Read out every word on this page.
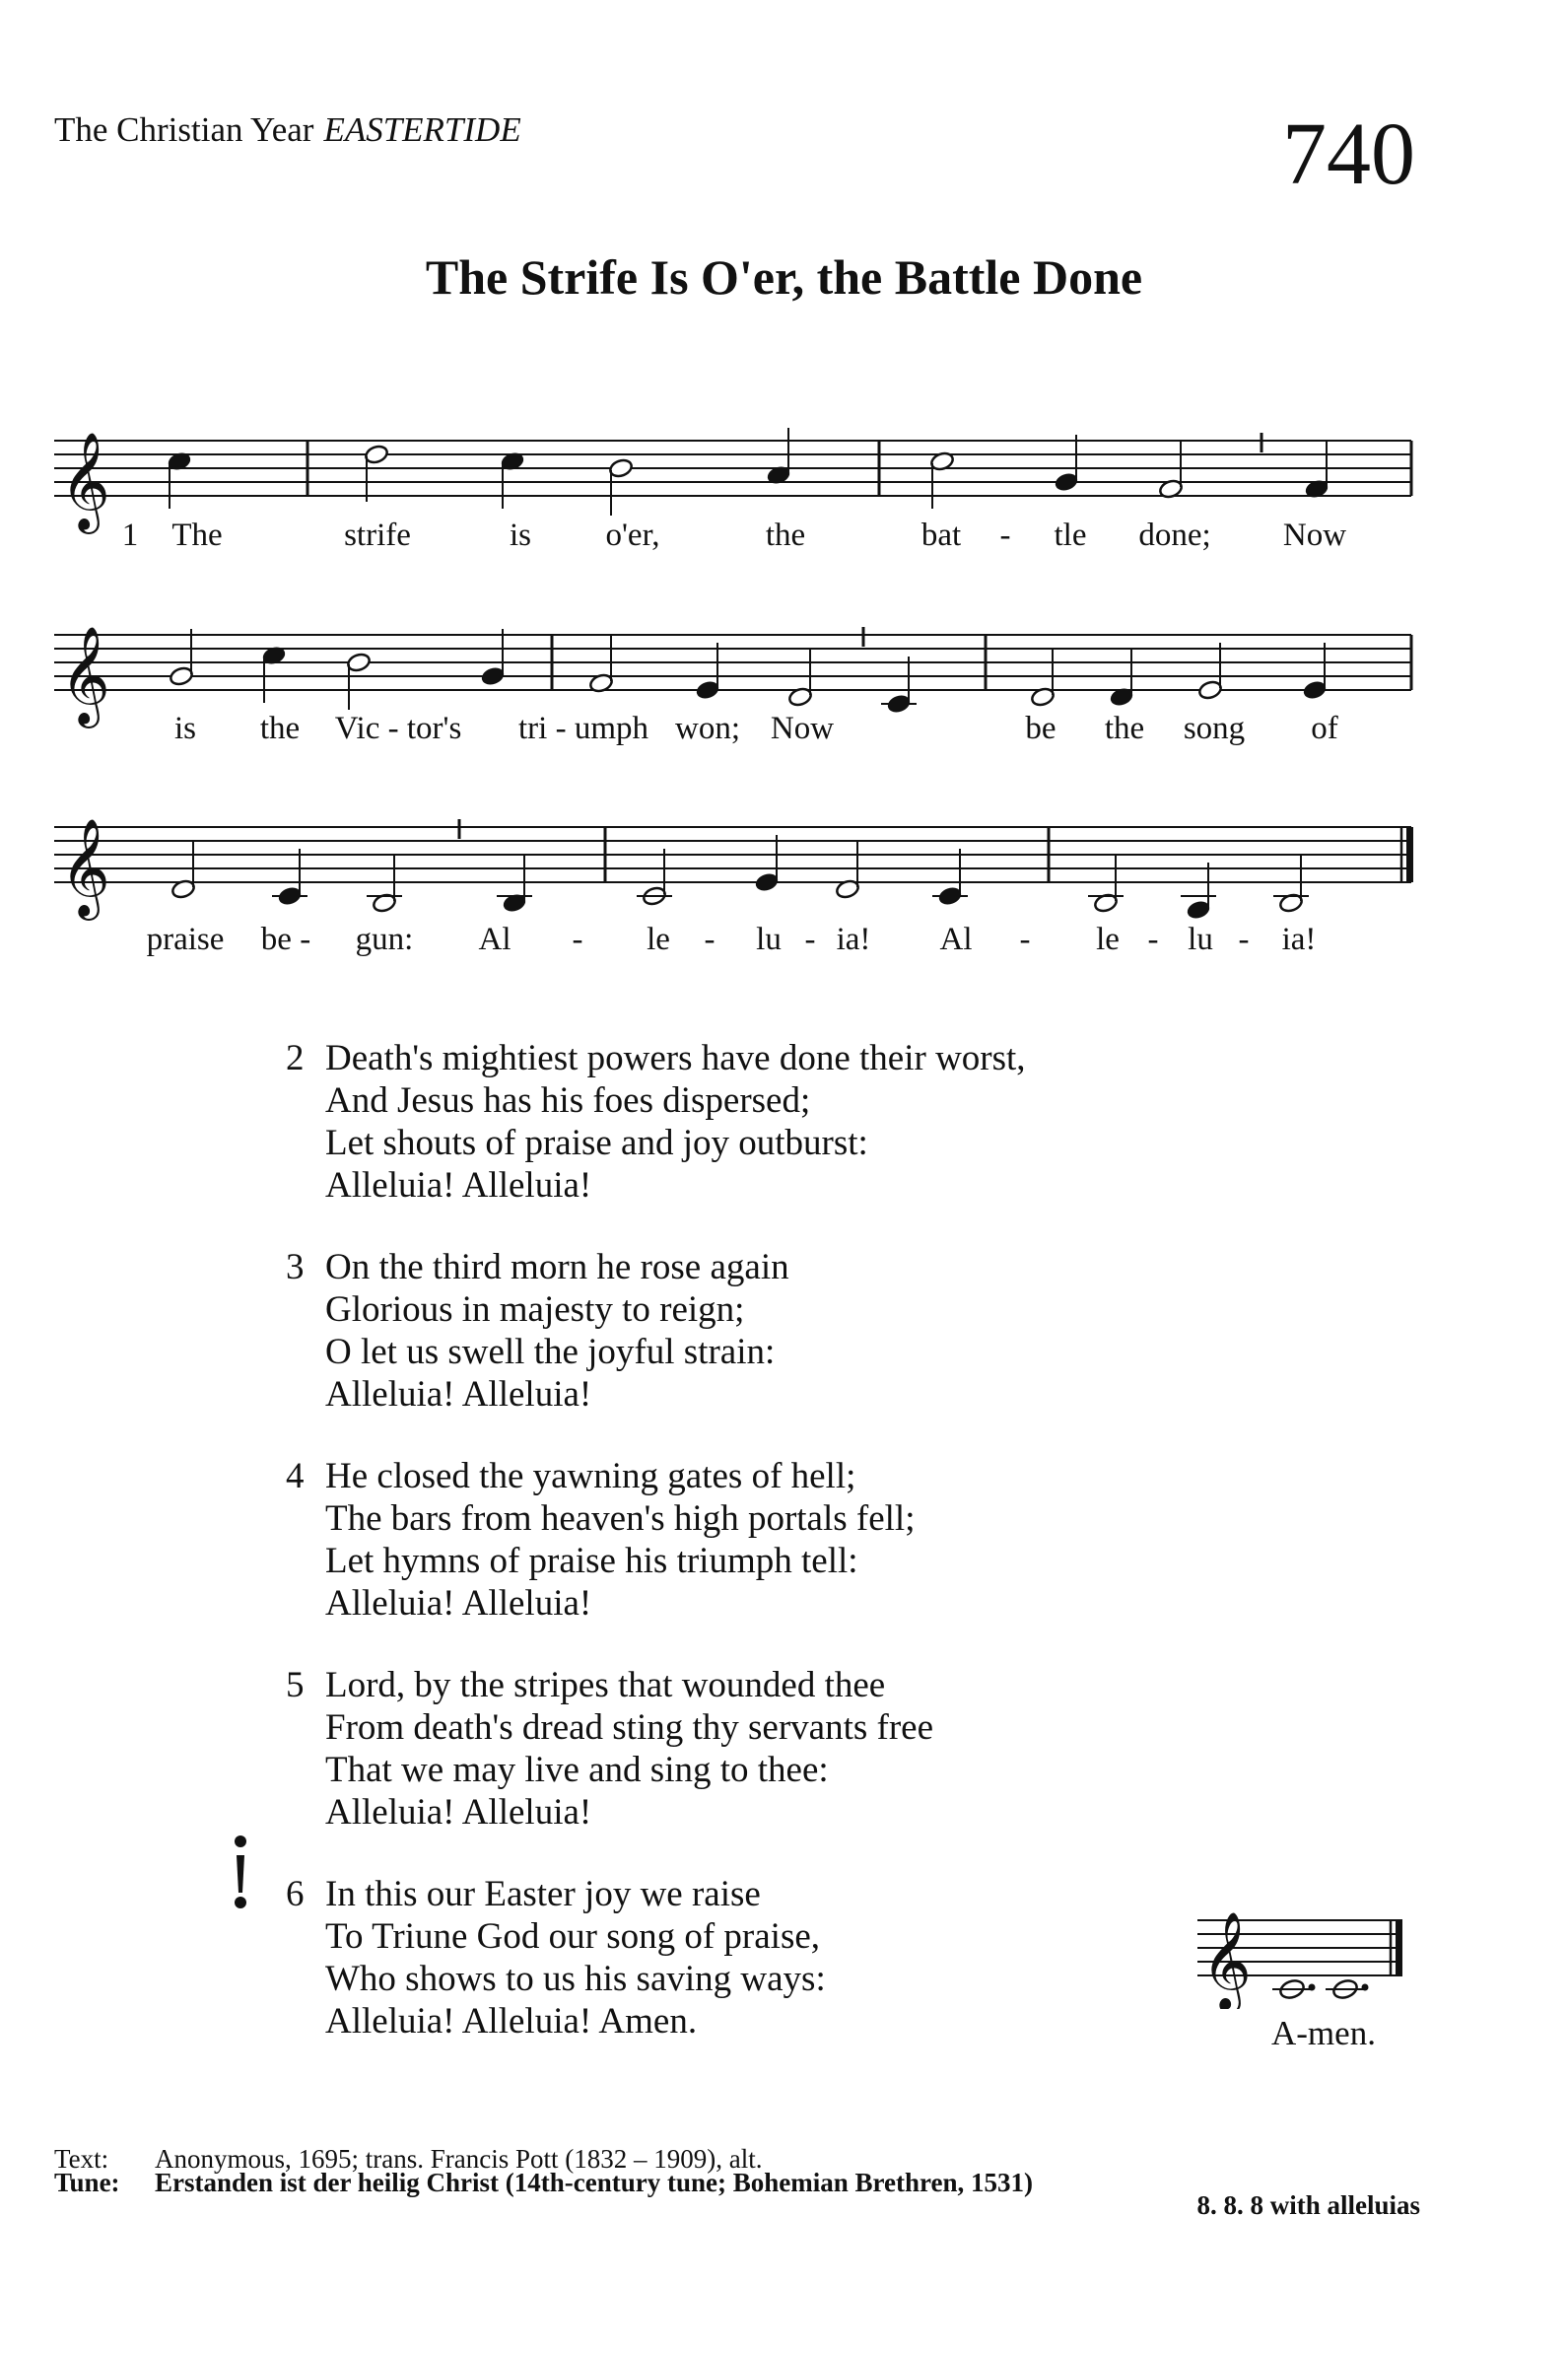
The Christian Year EASTERTIDE	740
The Strife Is O'er, the Battle Done
𝄞
𝄞
𝄞
1 The	strife	is o'er,	the	bat - tle done; Now
is the Vic - tor's tri - umph won; Now	be the song of
praise be - gun: Al - le - lu - ia! Al - le - lu - ia!
2 Death's mightiest powers have done their worst,
And Jesus has his foes dispersed;
Let shouts of praise and joy outburst:
Alleluia! Alleluia!
3 On the third morn he rose again
Glorious in majesty to reign;
O let us swell the joyful strain:
Alleluia! Alleluia!
4 He closed the yawning gates of hell;
The bars from heaven's high portals fell;
Let hymns of praise his triumph tell:
Alleluia! Alleluia!
5 Lord, by the stripes that wounded thee
From death's dread sting thy servants free
That we may live and sing to thee:
Alleluia! Alleluia!
6 In this our Easter joy we raise
To Triune God our song of praise,
Who shows to us his saving ways:
Alleluia! Alleluia! Amen.
𝄞
A-men.
Text: Anonymous, 1695; trans. Francis Pott (1832 – 1909), alt.
Tune: Erstanden ist der heilig Christ (14th-century tune; Bohemian Brethren, 1531)
8. 8. 8 with alleluias
